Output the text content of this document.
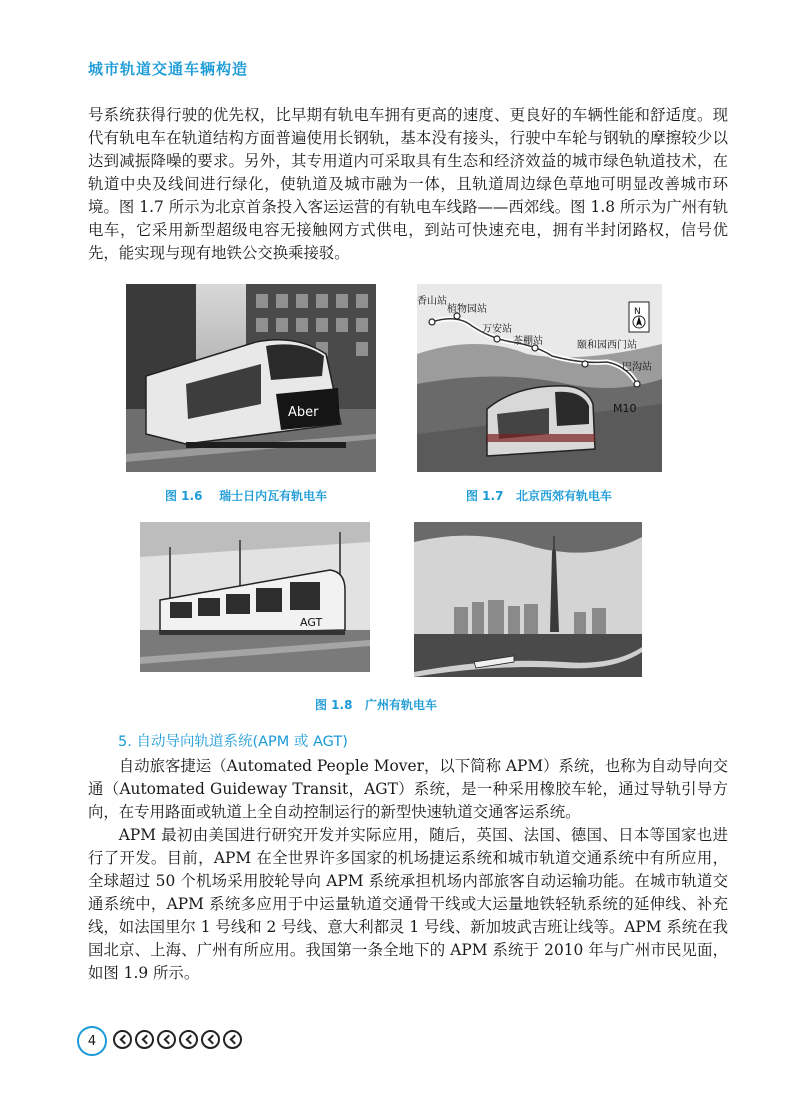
城市轨道交通车辆构造

号系统获得行驶的优先权，比早期有轨电车拥有更高的速度、更良好的车辆性能和舒适度。现代有轨电车在轨道结构方面普遍使用长钢轨，基本没有接头，行驶中车轮与钢轨的摩擦较少以达到减振降噪的要求。另外，其专用道内可采取具有生态和经济效益的城市绿色轨道技术，在轨道中央及线间进行绿化，使轨道及城市融为一体，且轨道周边绿色草地可明显改善城市环境。图 1.7 所示为北京首条投入客运运营的有轨电车线路——西郊线。图 1.8 所示为广州有轨电车，它采用新型超级电容无接触网方式供电，到站可快速充电，拥有半封闭路权，信号优先，能实现与现有地铁公交换乘接驳。

Aber
香山站
植物园站
万安站
茶棚站	颐和园西门站
巴沟站
M10
N
图 1.6 瑞士日内瓦有轨电车	图 1.7 北京西郊有轨电车
AGT
图 1.8 广州有轨电车
5. 自动导向轨道系统(APM 或 AGT)

自动旅客捷运（Automated People Mover，以下简称 APM）系统，也称为自动导向交通（Automated Guideway Transit，AGT）系统，是一种采用橡胶车轮，通过导轨引导方向，在专用路面或轨道上全自动控制运行的新型快速轨道交通客运系统。

APM 最初由美国进行研究开发并实际应用，随后，英国、法国、德国、日本等国家也进行了开发。目前，APM 在全世界许多国家的机场捷运系统和城市轨道交通系统中有所应用，全球超过 50 个机场采用胶轮导向 APM 系统承担机场内部旅客自动运输功能。在城市轨道交通系统中，APM 系统多应用于中运量轨道交通骨干线或大运量地铁轻轨系统的延伸线、补充线，如法国里尔 1 号线和 2 号线、意大利都灵 1 号线、新加坡武吉班让线等。APM 系统在我国北京、上海、广州有所应用。我国第一条全地下的 APM 系统于 2010 年与广州市民见面，如图 1.9 所示。

4
